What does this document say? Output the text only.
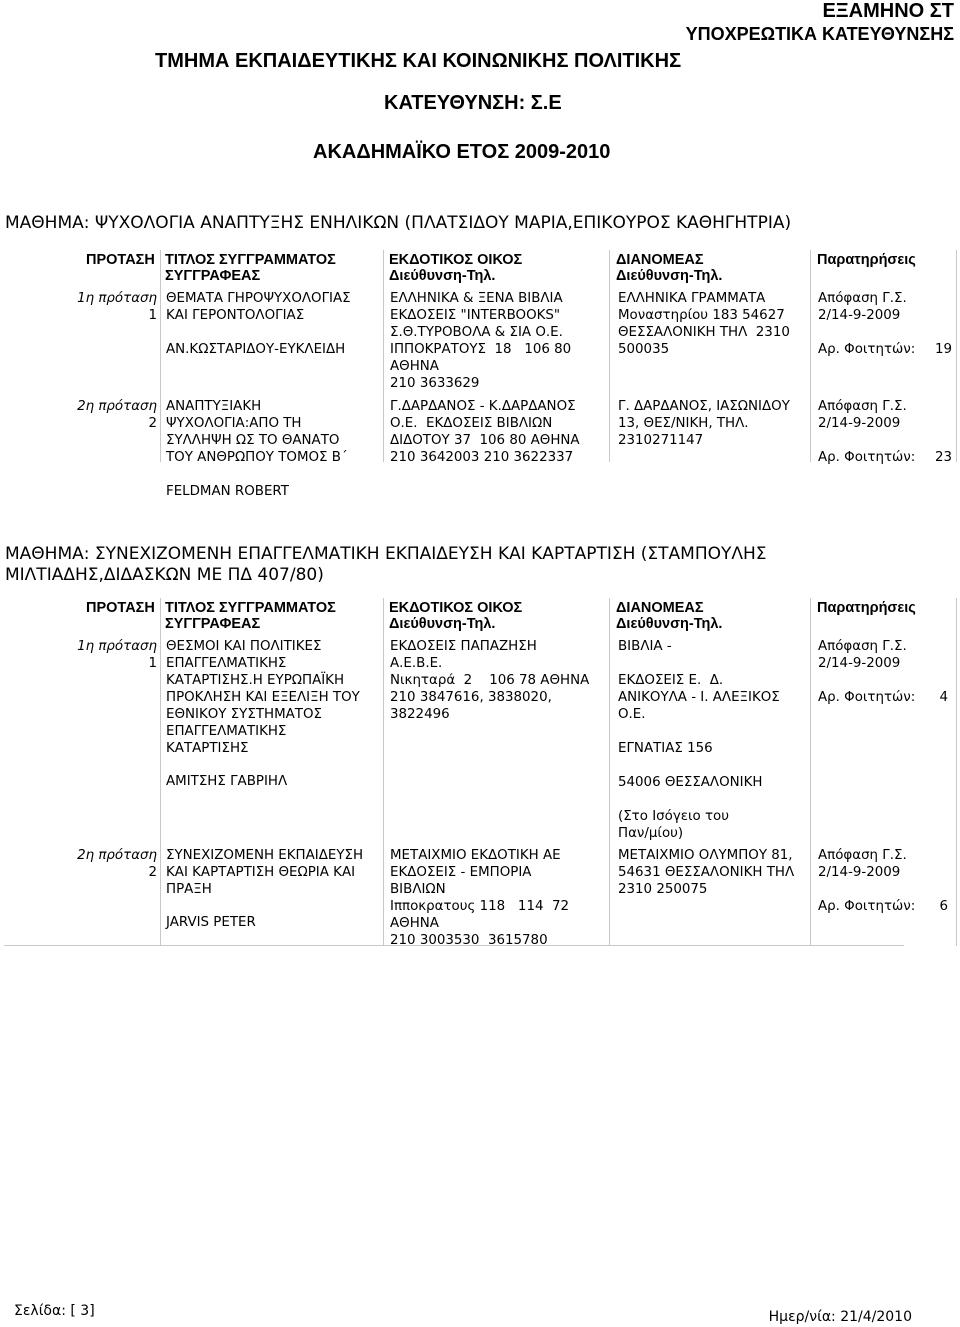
ΕΞΑΜΗΝΟ ΣΤ
ΥΠΟΧΡΕΩΤΙΚΑ ΚΑΤΕΥΘΥΝΣΗΣ
ΤΜΗΜΑ ΕΚΠΑΙΔΕΥΤΙΚΗΣ ΚΑΙ ΚΟΙΝΩΝΙΚΗΣ ΠΟΛΙΤΙΚΗΣ
ΚΑΤΕΥΘΥΝΣΗ: Σ.Ε
ΑΚΑΔΗΜΑΪΚΟ ΕΤΟΣ 2009-2010
ΜΑΘΗΜΑ: ΨΥΧΟΛΟΓΙΑ ΑΝΑΠΤΥΞΗΣ ΕΝΗΛΙΚΩΝ (ΠΛΑΤΣΙΔΟΥ ΜΑΡΙΑ,ΕΠΙΚΟΥΡΟΣ ΚΑΘΗΓΗΤΡΙΑ)
ΠΡΟΤΑΣΗ ΤΙΤΛΟΣ ΣΥΓΓΡΑΜΜΑΤΟΣ
ΣΥΓΓΡΑΦΕΑΣ
ΕΚΔΟΤΙΚΟΣ ΟΙΚΟΣ
Διεύθυνση-Τηλ.
ΔΙΑΝΟΜΕΑΣ
Διεύθυνση-Τηλ.
Παρατηρήσεις
1η πρόταση
1
ΘΕΜΑΤΑ ΓΗΡΟΨΥΧΟΛΟΓΙΑΣ
ΚΑΙ ΓΕΡΟΝΤΟΛΟΓΙΑΣ
ΑΝ.ΚΩΣΤΑΡΙΔΟΥ-ΕΥΚΛΕΙΔΗ
ΕΛΛΗΝΙΚΑ & ΞΕΝΑ ΒΙΒΛΙΑ
ΕΚΔΟΣΕΙΣ "INTERBOOKS"
Σ.Θ.ΤΥΡΟΒΟΛΑ & ΣΙΑ Ο.Ε.
ΙΠΠΟΚΡΑΤΟΥΣ  18   106 80
ΑΘΗΝΑ
210 3633629
ΕΛΛΗΝΙΚΑ ΓΡΑΜΜΑΤΑ
Μοναστηρίου 183 54627
ΘΕΣΣΑΛΟΝΙΚΗ ΤΗΛ  2310
500035
Απόφαση Γ.Σ.
2/14-9-2009
Αρ. Φοιτητών: 19
2η πρόταση
2
ΑΝΑΠΤΥΞΙΑΚΗ
ΨΥΧΟΛΟΓΙΑ:ΑΠΟ ΤΗ
ΣΥΛΛΗΨΗ ΩΣ ΤΟ ΘΑΝΑΤΟ
ΤΟΥ ΑΝΘΡΩΠΟΥ ΤΟΜΟΣ Β΄
FELDMAN ROBERT
Γ.ΔΑΡΔΑΝΟΣ - Κ.ΔΑΡΔΑΝΟΣ
Ο.Ε.  ΕΚΔΟΣΕΙΣ ΒΙΒΛΙΩΝ
ΔΙΔΟΤΟΥ 37  106 80 ΑΘΗΝΑ
210 3642003 210 3622337
Γ. ΔΑΡΔΑΝΟΣ, ΙΑΣΩΝΙΔΟΥ
13, ΘΕΣ/ΝΙΚΗ, ΤΗΛ.
2310271147
Απόφαση Γ.Σ.
2/14-9-2009
Αρ. Φοιτητών: 23
ΜΑΘΗΜΑ: ΣΥΝΕΧΙΖΟΜΕΝΗ ΕΠΑΓΓΕΛΜΑΤΙΚΗ ΕΚΠΑΙΔΕΥΣΗ ΚΑΙ ΚΑΡΤΑΡΤΙΣΗ (ΣΤΑΜΠΟΥΛΗΣ
ΜΙΛΤΙΑΔΗΣ,ΔΙΔΑΣΚΩΝ ΜΕ ΠΔ 407/80)
ΠΡΟΤΑΣΗ ΤΙΤΛΟΣ ΣΥΓΓΡΑΜΜΑΤΟΣ
ΣΥΓΓΡΑΦΕΑΣ
ΕΚΔΟΤΙΚΟΣ ΟΙΚΟΣ
Διεύθυνση-Τηλ.
ΔΙΑΝΟΜΕΑΣ
Διεύθυνση-Τηλ.
Παρατηρήσεις
1η πρόταση
1
ΘΕΣΜΟΙ ΚΑΙ ΠΟΛΙΤΙΚΕΣ
ΕΠΑΓΓΕΛΜΑΤΙΚΗΣ
ΚΑΤΑΡΤΙΣΗΣ.Η ΕΥΡΩΠΑΪΚΗ
ΠΡΟΚΛΗΣΗ ΚΑΙ ΕΞΕΛΙΞΗ ΤΟΥ
ΕΘΝΙΚΟΥ ΣΥΣΤΗΜΑΤΟΣ
ΕΠΑΓΓΕΛΜΑΤΙΚΗΣ
ΚΑΤΑΡΤΙΣΗΣ
ΑΜΙΤΣΗΣ ΓΑΒΡΙΗΛ
ΕΚΔΟΣΕΙΣ ΠΑΠΑΖΗΣΗ
Α.Ε.Β.Ε.
Νικηταρά  2    106 78 ΑΘΗΝΑ
210 3847616, 3838020,
3822496
ΒΙΒΛΙΑ -

ΕΚΔΟΣΕΙΣ Ε.  Δ.
ΑΝΙΚΟΥΛΑ - Ι. ΑΛΕΞΙΚΟΣ
Ο.Ε.

ΕΓΝΑΤΙΑΣ 156

54006 ΘΕΣΣΑΛΟΝΙΚΗ

(Στο Ισόγειο του
Παν/μίου)
Απόφαση Γ.Σ.
2/14-9-2009
Αρ. Φοιτητών: 4
2η πρόταση
2
ΣΥΝΕΧΙΖΟΜΕΝΗ ΕΚΠΑΙΔΕΥΣΗ
ΚΑΙ ΚΑΡΤΑΡΤΙΣΗ ΘΕΩΡΙΑ ΚΑΙ
ΠΡΑΞΗ
JARVIS PETER
ΜΕΤΑΙΧΜΙΟ ΕΚΔΟΤΙΚΗ ΑΕ
ΕΚΔΟΣΕΙΣ - ΕΜΠΟΡΙΑ
ΒΙΒΛΙΩΝ
Ιπποκρατους 118   114  72
ΑΘΗΝΑ
210 3003530  3615780
ΜΕΤΑΙΧΜΙΟ ΟΛΥΜΠΟΥ 81,
54631 ΘΕΣΣΑΛΟΝΙΚΗ ΤΗΛ
2310 250075
Απόφαση Γ.Σ.
2/14-9-2009
Αρ. Φοιτητών: 6
Σελίδα: [ 3]	Ημερ/νία: 21/4/2010
